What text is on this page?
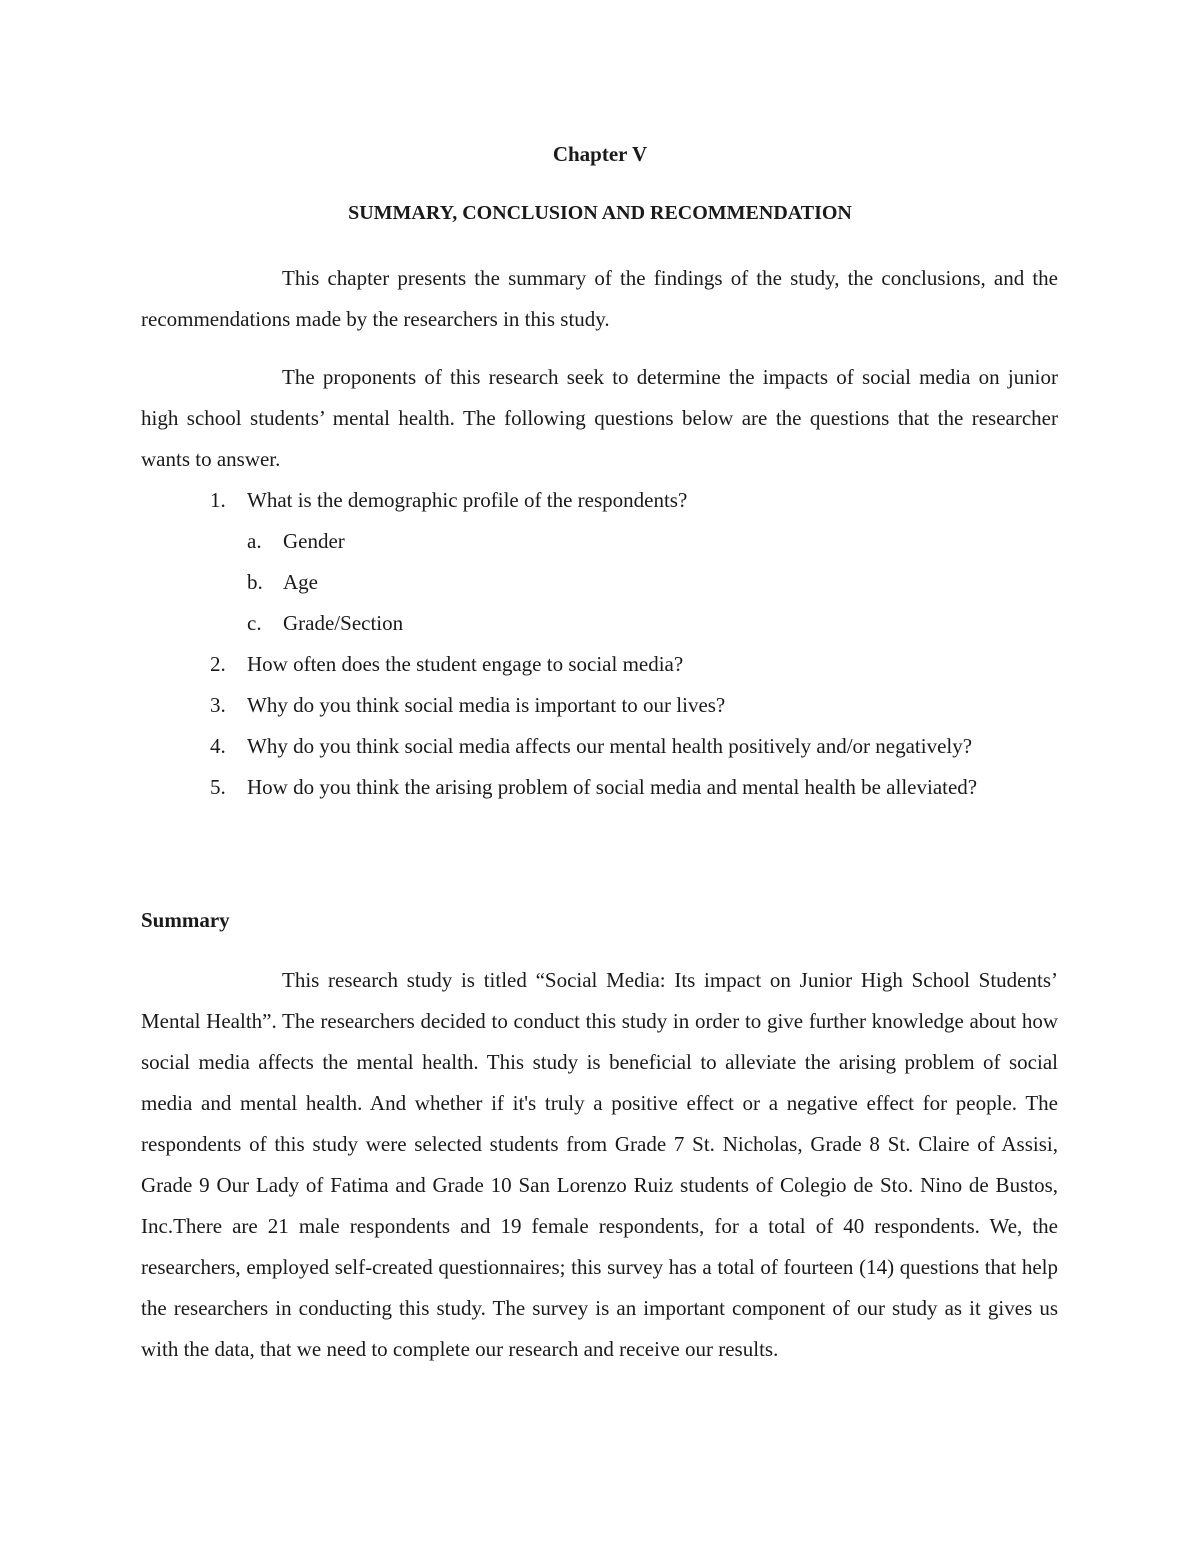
Chapter V
SUMMARY, CONCLUSION AND RECOMMENDATION

This chapter presents the summary of the findings of the study, the conclusions, and the recommendations made by the researchers in this study.

The proponents of this research seek to determine the impacts of social media on junior high school students’ mental health. The following questions below are the questions that the researcher wants to answer.

1. What is the demographic profile of the respondents?
a. Gender
b. Age
c. Grade/Section
2. How often does the student engage to social media?
3. Why do you think social media is important to our lives?
4. Why do you think social media affects our mental health positively and/or negatively?
5. How do you think the arising problem of social media and mental health be alleviated?
Summary

This research study is titled “Social Media: Its impact on Junior High School Students’ Mental Health”. The researchers decided to conduct this study in order to give further knowledge about how social media affects the mental health. This study is beneficial to alleviate the arising problem of social media and mental health. And whether if it's truly a positive effect or a negative effect for people. The respondents of this study were selected students from Grade 7 St. Nicholas, Grade 8 St. Claire of Assisi, Grade 9 Our Lady of Fatima and Grade 10 San Lorenzo Ruiz students of Colegio de Sto. Nino de Bustos, Inc.There are 21 male respondents and 19 female respondents, for a total of 40 respondents. We, the researchers, employed self-created questionnaires; this survey has a total of fourteen (14) questions that help the researchers in conducting this study. The survey is an important component of our study as it gives us with the data, that we need to complete our research and receive our results.
